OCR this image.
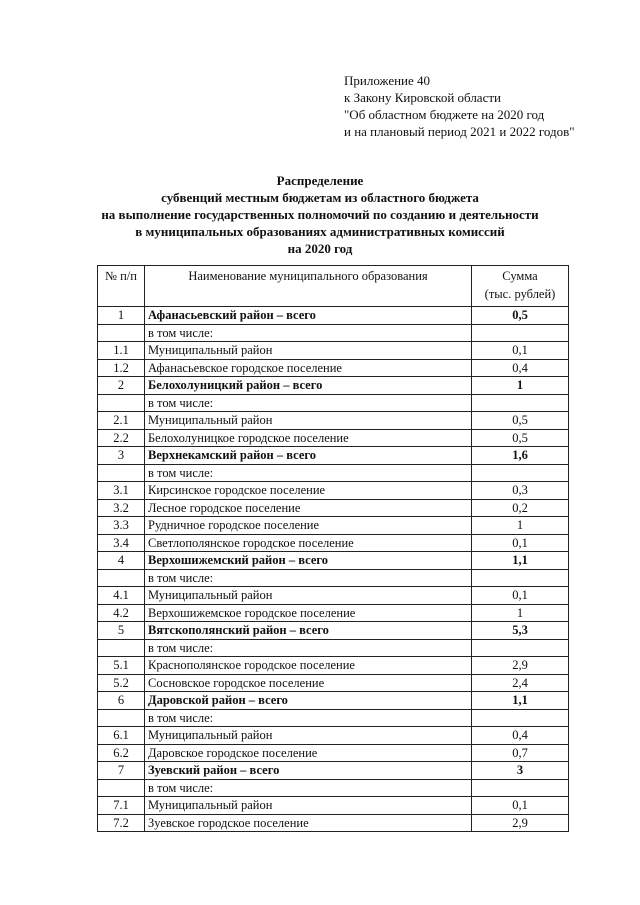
Приложение 40
к Закону Кировской области
"Об областном бюджете на 2020 год
и на плановый период 2021 и 2022 годов"
Распределение
субвенций местным бюджетам из областного бюджета
на выполнение государственных полномочий по созданию и деятельности
в муниципальных образованиях административных комиссий
на 2020 год
№ п/п	Наименование муниципального образования	Сумма
(тыс. рублей)

1	Афанасьевский район – всего	0,5
	в том числе:	
1.1	Муниципальный район	0,1
1.2	Афанасьевское городское поселение	0,4
2	Белохолуницкий район – всего	1
	в том числе:	
2.1	Муниципальный район	0,5
2.2	Белохолуницкое городское поселение	0,5
3	Верхнекамский район – всего	1,6
	в том числе:	
3.1	Кирсинское городское поселение	0,3
3.2	Лесное городское поселение	0,2
3.3	Рудничное городское поселение	1
3.4	Светлополянское городское поселение	0,1
4	Верхошижемский район – всего	1,1
	в том числе:	
4.1	Муниципальный район	0,1
4.2	Верхошижемское городское поселение	1
5	Вятскополянский район – всего	5,3
	в том числе:	
5.1	Краснополянское городское поселение	2,9
5.2	Сосновское городское поселение	2,4
6	Даровской район – всего	1,1
	в том числе:	
6.1	Муниципальный район	0,4
6.2	Даровское городское поселение	0,7
7	Зуевский район – всего	3
	в том числе:	
7.1	Муниципальный район	0,1
7.2	Зуевское городское поселение	2,9
